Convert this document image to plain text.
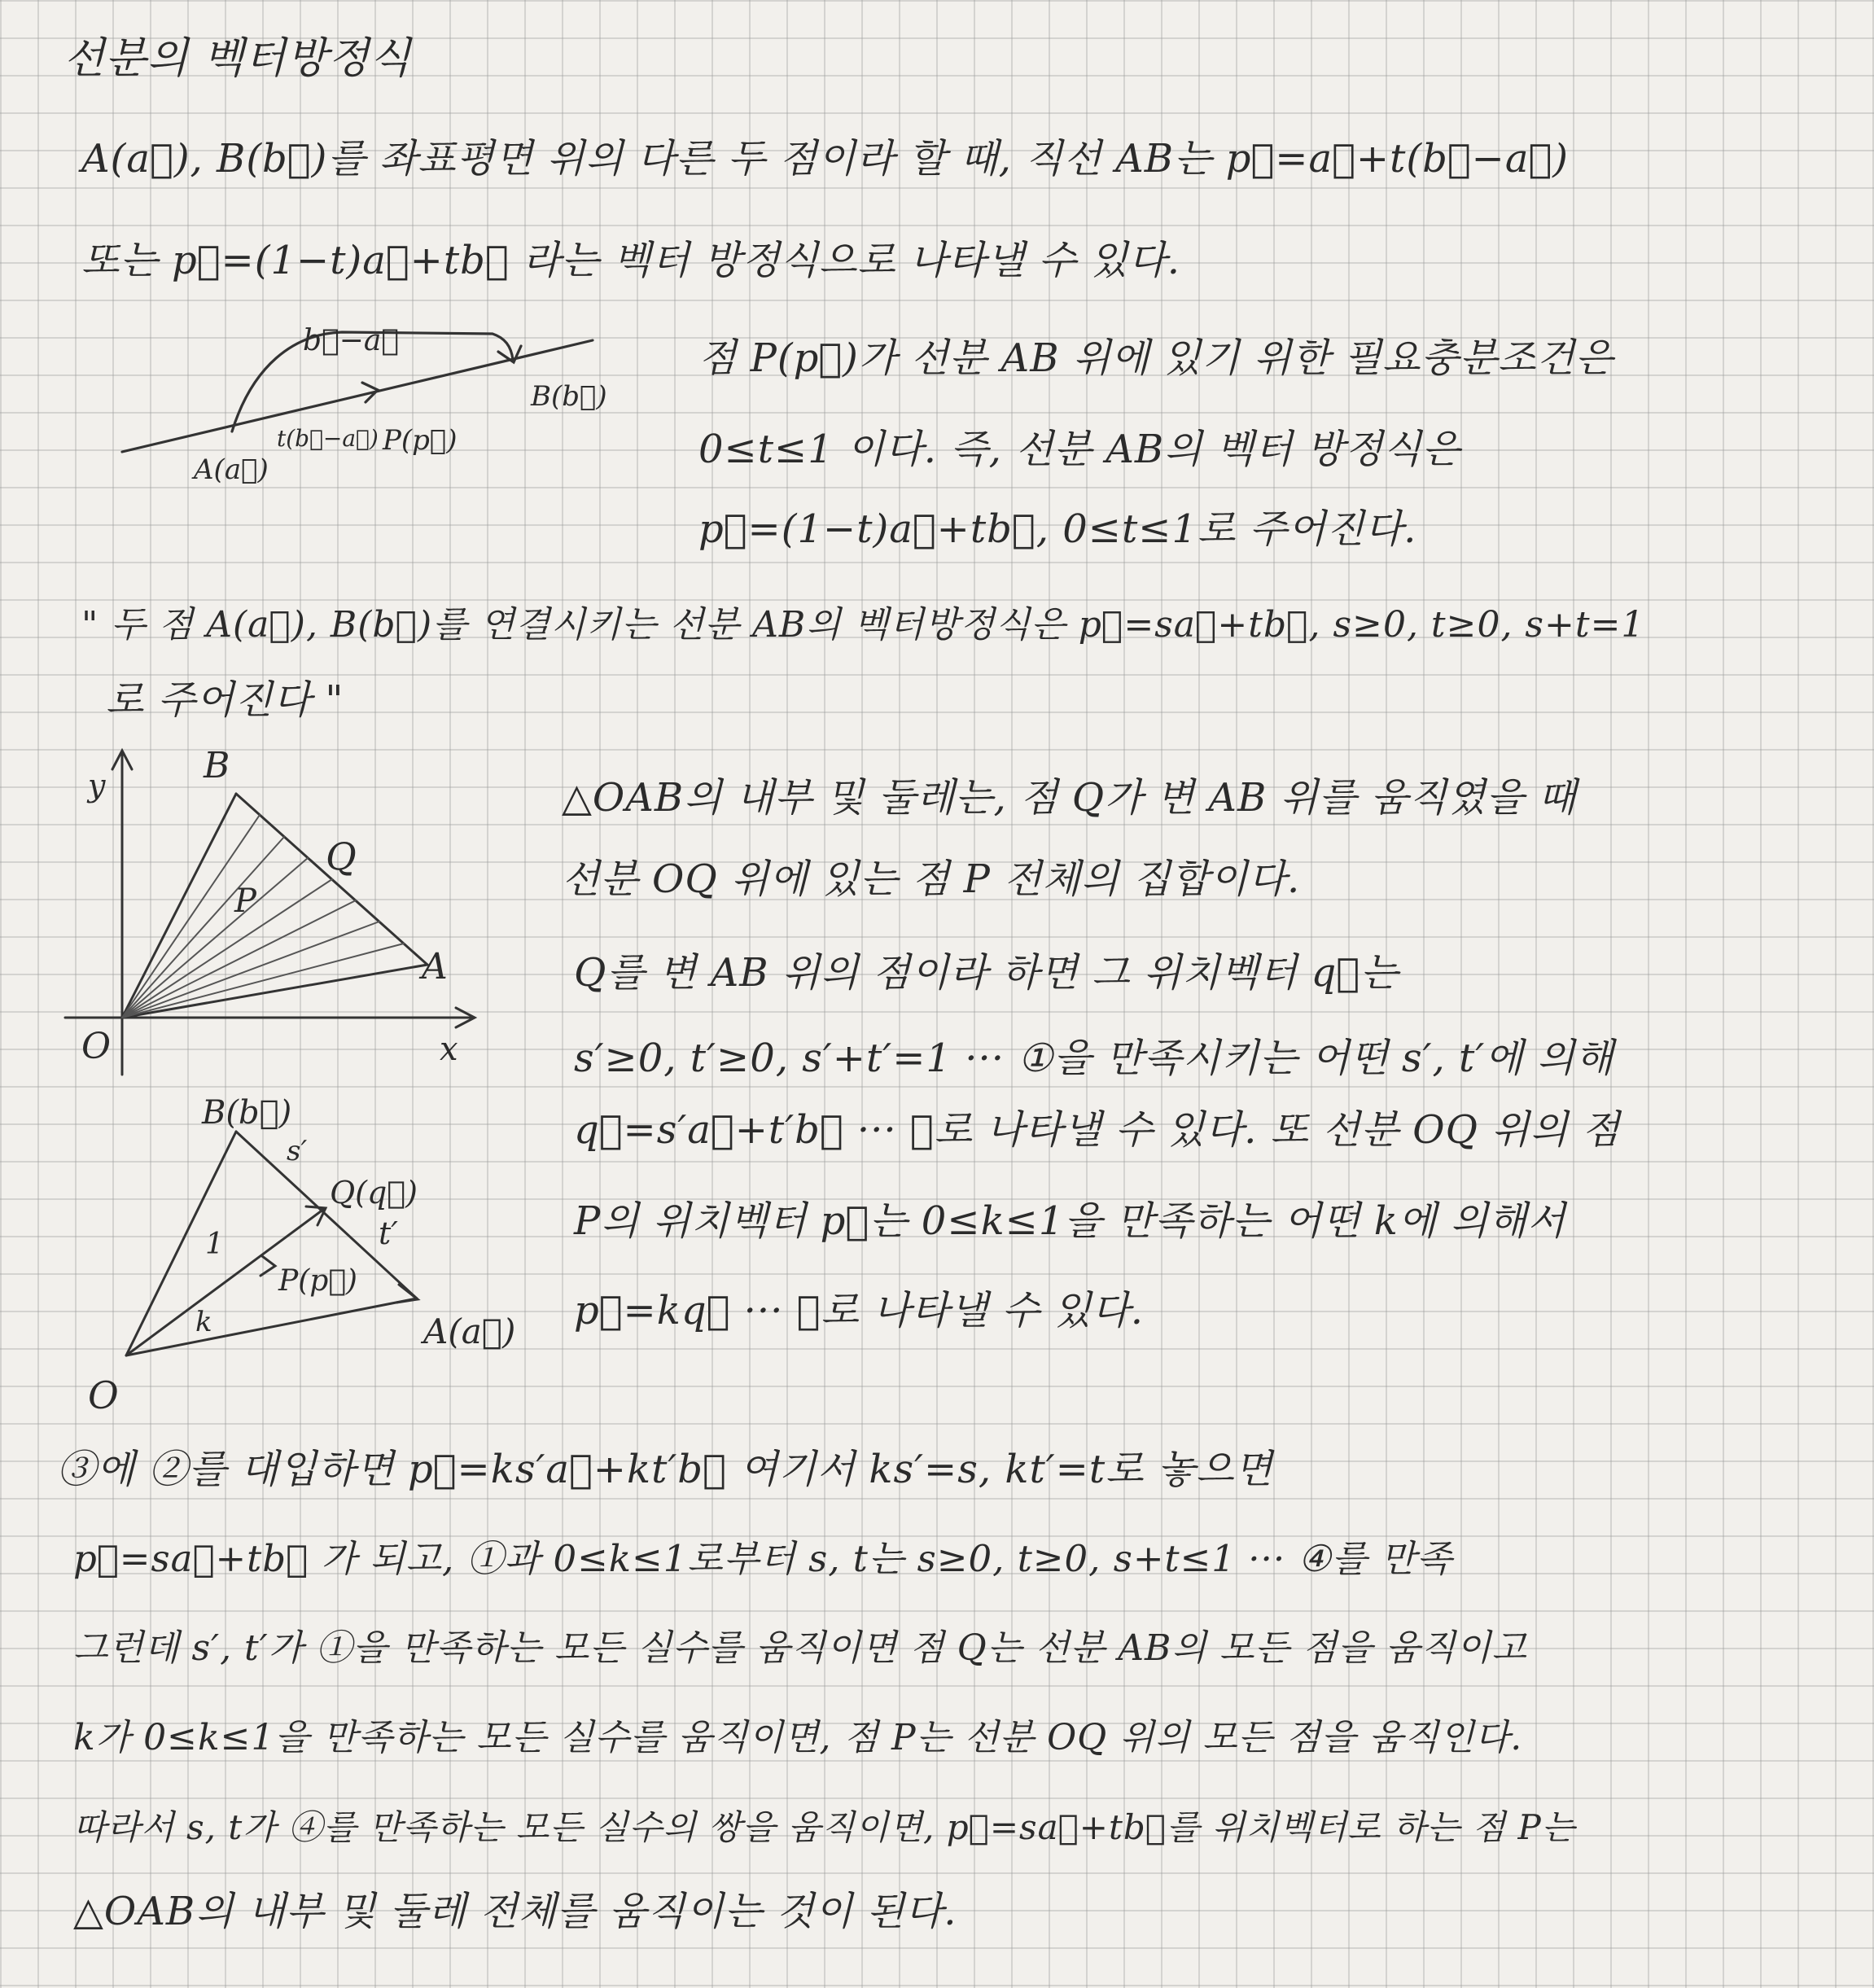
선분의 벡터방정식
A(a⃗), B(b⃗)를 좌표평면 위의 다른 두 점이라 할 때, 직선 AB는 p⃗=a⃗+t(b⃗−a⃗)
또는 p⃗=(1−t)a⃗+tb⃗ 라는 벡터 방정식으로 나타낼 수 있다.
b⃗−a⃗
t(b⃗−a⃗)
A(a⃗)
P(p⃗)
B(b⃗)
점 P(p⃗)가 선분 AB 위에 있기 위한 필요충분조건은
0≤t≤1 이다. 즉, 선분 AB의 벡터 방정식은
p⃗=(1−t)a⃗+tb⃗, 0≤t≤1로 주어진다.
" 두 점 A(a⃗), B(b⃗)를 연결시키는 선분 AB의 벡터방정식은 p⃗=sa⃗+tb⃗, s≥0, t≥0, s+t=1
로 주어진다 "
y
x
O
B
Q
P
A
△OAB의 내부 및 둘레는, 점 Q가 변 AB 위를 움직였을 때
선분 OQ 위에 있는 점 P 전체의 집합이다.
Q를 변 AB 위의 점이라 하면 그 위치벡터 q⃗는
s′≥0, t′≥0, s′+t′=1 ··· ①을 만족시키는 어떤 s′, t′에 의해
q⃗=s′a⃗+t′b⃗ ··· ②로 나타낼 수 있다. 또 선분 OQ 위의 점
P의 위치벡터 p⃗는 0≤k≤1을 만족하는 어떤 k에 의해서
p⃗=kq⃗ ··· ③로 나타낼 수 있다.
B(b⃗)
s′
Q(q⃗)
1	t′
P(p⃗)
k	A(a⃗)
O
③에 ②를 대입하면 p⃗=ks′a⃗+kt′b⃗ 여기서 ks′=s, kt′=t로 놓으면
p⃗=sa⃗+tb⃗ 가 되고, ①과 0≤k≤1로부터 s, t는 s≥0, t≥0, s+t≤1 ··· ④를 만족
그런데 s′, t′가 ①을 만족하는 모든 실수를 움직이면 점 Q는 선분 AB의 모든 점을 움직이고
k가 0≤k≤1을 만족하는 모든 실수를 움직이면, 점 P는 선분 OQ 위의 모든 점을 움직인다.
따라서 s, t가 ④를 만족하는 모든 실수의 쌍을 움직이면, p⃗=sa⃗+tb⃗를 위치벡터로 하는 점 P는
△OAB의 내부 및 둘레 전체를 움직이는 것이 된다.
